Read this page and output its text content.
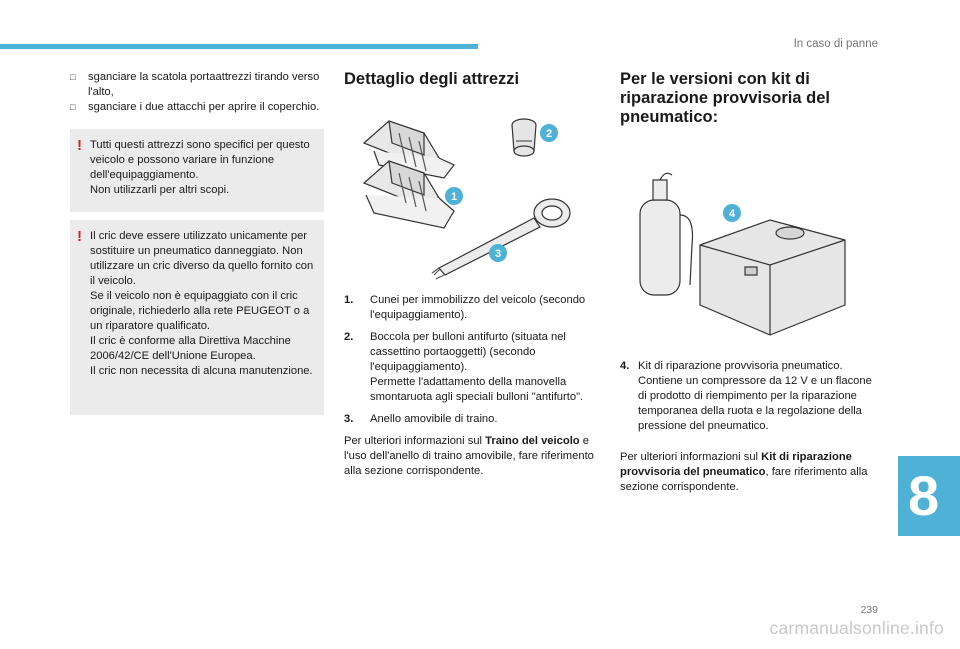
In caso di panne

□ sganciare la scatola portaattrezzi tirando verso l'alto,

□ sganciare i due attacchi per aprire il coperchio.

! Tutti questi attrezzi sono specifici per questo veicolo e possono variare in funzione dell'equipaggiamento.
Non utilizzarli per altri scopi.

! Il cric deve essere utilizzato unicamente per sostituire un pneumatico danneggiato. Non utilizzare un cric diverso da quello fornito con il veicolo.
Se il veicolo non è equipaggiato con il cric originale, richiederlo alla rete PEUGEOT o a un riparatore qualificato.
Il cric è conforme alla Direttiva Macchine 2006/42/CE dell'Unione Europea.
Il cric non necessita di alcuna manutenzione.

Dettaglio degli attrezzi
2
1
3
1. Cunei per immobilizzo del veicolo (secondo l'equipaggiamento).
2. Boccola per bulloni antifurto (situata nel cassettino portaoggetti) (secondo l'equipaggiamento).
Permette l'adattamento della manovella smontaruota agli speciali bulloni "antifurto".
3. Anello amovibile di traino.

Per ulteriori informazioni sul Traino del veicolo e l'uso dell'anello di traino amovibile, fare riferimento alla sezione corrispondente.

Per le versioni con kit di riparazione provvisoria del pneumatico:
4
4. Kit di riparazione provvisoria pneumatico.
Contiene un compressore da 12 V e un flacone di prodotto di riempimento per la riparazione temporanea della ruota e la regolazione della pressione del pneumatico.

Per ulteriori informazioni sul Kit di riparazione provvisoria del pneumatico, fare riferimento alla sezione corrispondente.	8
239
carmanualsonline.info
